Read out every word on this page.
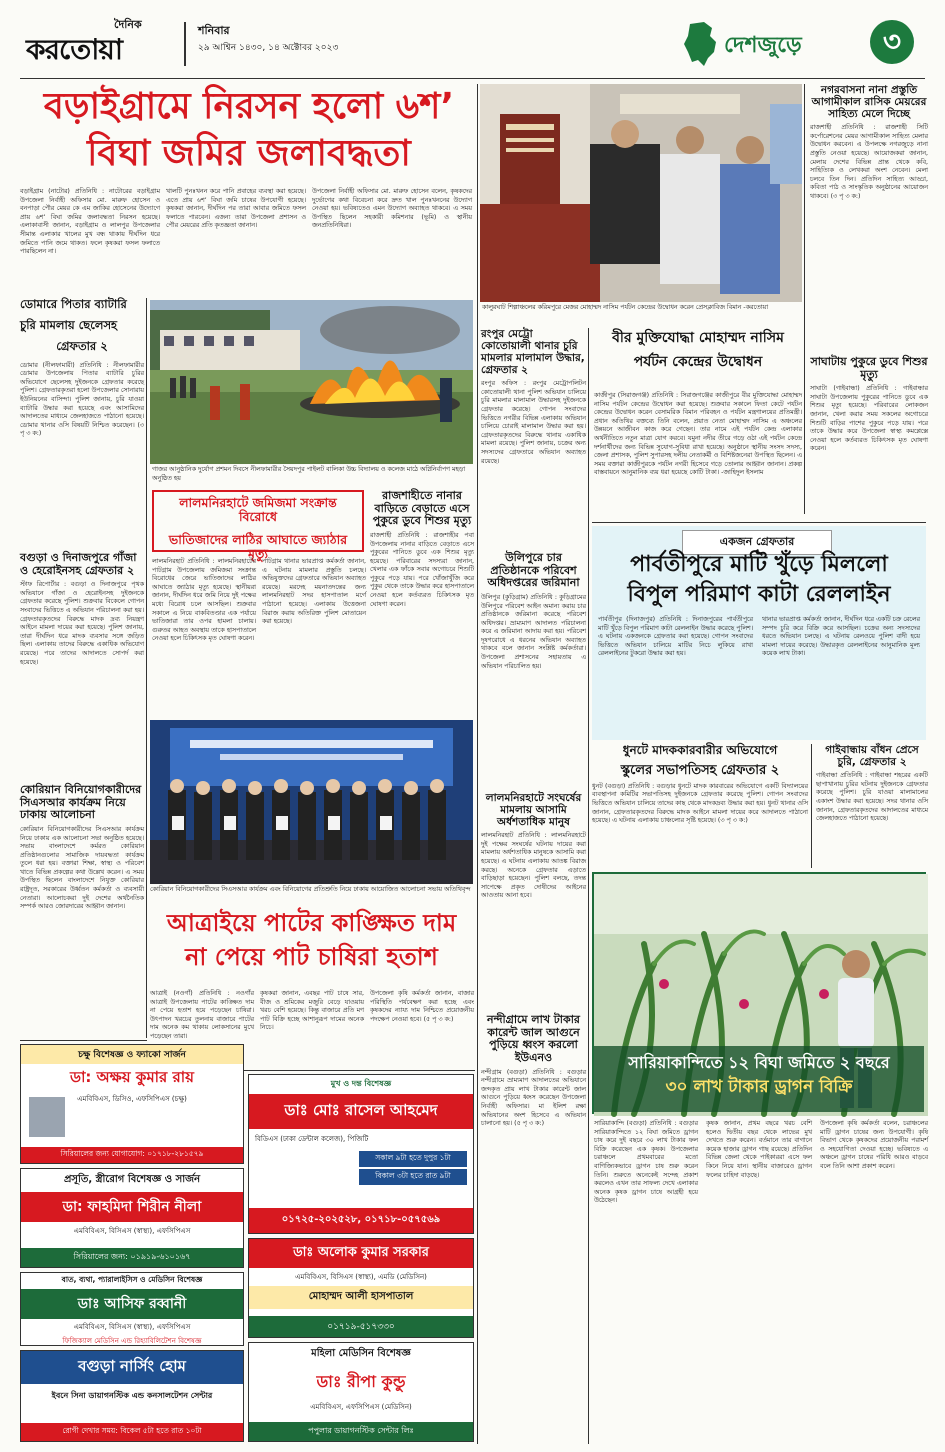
দৈনিক
করতোয়া
শনিবার
২৯ আশ্বিন ১৪৩০, ১৪ অক্টোবর ২০২৩	দেশজুড়ে	৩
বড়াইগ্রামে নিরসন হলো ৬শ’
বিঘা জমির জলাবদ্ধতা
বড়াইগ্রাম (নাটোর) প্রতিনিধি : নাটোরের বড়াইগ্রাম উপজেলা নির্বাহী অফিসার মো. মারুফ হোসেন ও বনপাড়া পৌর মেয়র কে এম জাকির হোসেনের উদ্যোগে প্রায় ৬শ’ বিঘা জমির জলাবদ্ধতা নিরসন হয়েছে। এলাকাবাসী জানান, বড়াইগ্রাম ও লালপুর উপজেলার সীমান্ত এলাকার খালের মুখ বন্ধ থাকায় দীর্ঘদিন ধরে জমিতে পানি জমে থাকত। ফলে কৃষকরা ফসল ফলাতে পারছিলেন না।
খালটি পুনঃখনন করে পানি প্রবাহের ব্যবস্থা করা হয়েছে। এতে প্রায় ৬শ’ বিঘা জমি চাষের উপযোগী হয়েছে। কৃষকরা জানান, দীর্ঘদিন পর তারা আবার জমিতে ফসল ফলাতে পারবেন। এজন্য তারা উপজেলা প্রশাসন ও পৌর মেয়রের প্রতি কৃতজ্ঞতা জানান।
উপজেলা নির্বাহী অফিসার মো. মারুফ হোসেন বলেন, কৃষকদের দুর্ভোগের কথা বিবেচনা করে দ্রুত খাল পুনঃখননের উদ্যোগ নেওয়া হয়। ভবিষ্যতেও এমন উদ্যোগ অব্যাহত থাকবে। এ সময় উপস্থিত ছিলেন সহকারী কমিশনার (ভূমি) ও স্থানীয় জনপ্রতিনিধিরা।
ডোমারে পিতার ব্যাটারি
চুরি মামলায় ছেলেসহ
গ্রেফতার ২
ডোমার (নীলফামারী) প্রতিনিধি : নীলফামারীর ডোমার উপজেলায় পিতার ব্যাটারি চুরির অভিযোগে ছেলেসহ দুইজনকে গ্রেফতার করেছে পুলিশ। গ্রেফতারকৃতরা হলো উপজেলার সোনারায় ইউনিয়নের বাসিন্দা। পুলিশ জানায়, চুরি যাওয়া ব্যাটারি উদ্ধার করা হয়েছে এবং আসামিদের আদালতের মাধ্যমে জেলহাজতে পাঠানো হয়েছে। ডোমার থানার ওসি বিষয়টি নিশ্চিত করেছেন। (৩ পৃ ৩ ক:)
বগুড়া ও দিনাজপুরে গাঁজা ও হেরোইনসহ গ্রেফতার ২
স্টাফ রিপোর্টার : বগুড়া ও দিনাজপুরে পৃথক অভিযানে গাঁজা ও হেরোইনসহ দুইজনকে গ্রেফতার করেছে পুলিশ। শুক্রবার বিকেলে গোপন সংবাদের ভিত্তিতে এ অভিযান পরিচালনা করা হয়। গ্রেফতারকৃতদের বিরুদ্ধে মাদক দ্রব্য নিয়ন্ত্রণ আইনে মামলা দায়ের করা হয়েছে। পুলিশ জানায়, তারা দীর্ঘদিন ধরে মাদক ব্যবসার সঙ্গে জড়িত ছিল। এলাকায় তাদের বিরুদ্ধে একাধিক অভিযোগ রয়েছে। পরে তাদের আদালতে সোপর্দ করা হয়েছে।
কোরিয়ান বিনিয়োগকারীদের সিএসআর কার্যক্রম নিয়ে ঢাকায় আলোচনা
কোরিয়ান বিনিয়োগকারীদের সিএসআর কার্যক্রম নিয়ে ঢাকায় এক আলোচনা সভা অনুষ্ঠিত হয়েছে। সভায় বাংলাদেশে কর্মরত কোরিয়ান প্রতিষ্ঠানগুলোর সামাজিক দায়বদ্ধতা কার্যক্রম তুলে ধরা হয়। বক্তারা শিক্ষা, স্বাস্থ্য ও পরিবেশ খাতে বিভিন্ন প্রকল্পের কথা উল্লেখ করেন। এ সময় উপস্থিত ছিলেন বাংলাদেশে নিযুক্ত কোরিয়ার রাষ্ট্রদূত, সরকারের উর্ধ্বতন কর্মকর্তা ও ব্যবসায়ী নেতারা। আলোচকরা দুই দেশের অর্থনৈতিক সম্পর্ক আরও জোরদারের আহ্বান জানান।
গাজর আনুষ্ঠানিক দুর্যোগ প্রশমন দিবসে নীলফামারীর সৈয়দপুর পাইলট বালিকা উচ্চ বিদ্যালয় ও কলেজ মাঠে অগ্নিনির্বাপণ মহড়া অনুষ্ঠিত হয়
লালমনিরহাটে জমিজমা সংক্রান্ত বিরোধে
ভাতিজাদের লাঠির আঘাতে জ্যাঠার মৃত্যু
লালমনিরহাট প্রতিনিধি : লালমনিরহাটের পাটগ্রাম উপজেলায় জমিজমা সংক্রান্ত বিরোধের জেরে ভাতিজাদের লাঠির আঘাতে জ্যাঠার মৃত্যু হয়েছে। স্থানীয়রা জানান, দীর্ঘদিন ধরে জমি নিয়ে দুই পক্ষের মধ্যে বিরোধ চলে আসছিল। শুক্রবার সকালে এ নিয়ে বাকবিতণ্ডার এক পর্যায়ে ভাতিজারা তার ওপর হামলা চালায়। গুরুতর আহত অবস্থায় তাকে হাসপাতালে নেওয়া হলে চিকিৎসক মৃত ঘোষণা করেন।
পাটগ্রাম থানার ভারপ্রাপ্ত কর্মকর্তা জানান, এ ঘটনায় মামলার প্রস্তুতি চলছে। অভিযুক্তদের গ্রেফতারে অভিযান অব্যাহত রয়েছে। মরদেহ ময়নাতদন্তের জন্য লালমনিরহাট সদর হাসপাতাল মর্গে পাঠানো হয়েছে। এলাকায় উত্তেজনা বিরাজ করায় অতিরিক্ত পুলিশ মোতায়েন করা হয়েছে।
রাজশাহীতে নানার বাড়িতে বেড়াতে এসে পুকুরে ডুবে শিশুর মৃত্যু
রাজশাহী প্রতিনিধি : রাজশাহীর পবা উপজেলায় নানার বাড়িতে বেড়াতে এসে পুকুরের পানিতে ডুবে এক শিশুর মৃত্যু হয়েছে। পরিবারের সদস্যরা জানান, খেলার এক ফাঁকে সবার অগোচরে শিশুটি পুকুরে পড়ে যায়। পরে খোঁজাখুঁজি করে পুকুর থেকে তাকে উদ্ধার করে হাসপাতালে নেওয়া হলে কর্তব্যরত চিকিৎসক মৃত ঘোষণা করেন।
কোরিয়ান বিনিয়োগকারীদের সিএসআর কার্যক্রম এবং বিনিয়োগের প্রতিশ্রুতি নিয়ে ঢাকায় আয়োজিত আলোচনা সভায় অতিথিবৃন্দ
আত্রাইয়ে পাটের কাঙ্ক্ষিত দাম
না পেয়ে পাট চাষিরা হতাশ
আত্রাই (নওগাঁ) প্রতিনিধি : নওগাঁর আত্রাই উপজেলায় পাটের কাঙ্ক্ষিত দাম না পেয়ে হতাশ হয়ে পড়েছেন চাষিরা। উৎপাদন খরচের তুলনায় বাজারে পাটের দাম অনেক কম থাকায় লোকসানের মুখে পড়েছেন তারা।
কৃষকরা জানান, এবছর পাট চাষে সার, বীজ ও শ্রমিকের মজুরি বেড়ে যাওয়ায় খরচ বেশি হয়েছে। কিন্তু বাজারে প্রতি মণ পাট বিক্রি হচ্ছে আশানুরূপ দামের অনেক নিচে।
উপজেলা কৃষি কর্মকর্তা জানান, বাজার পরিস্থিতি পর্যবেক্ষণ করা হচ্ছে এবং কৃষকদের ন্যায্য দাম নিশ্চিতে প্রয়োজনীয় পদক্ষেপ নেওয়া হবে। (৫ পৃ ৩ ক:)
চক্ষু বিশেষজ্ঞ ও ফ্যাকো সার্জন
ডা: অক্ষয় কুমার রায়
এমবিবিএস, ডিসিও, এফসিপিএস (চক্ষু)
সিরিয়ালের জন্য যোগাযোগ: ০১৭১৮-২৮১৫৭৯
প্রসূতি, স্ত্রীরোগ বিশেষজ্ঞ ও সার্জন
ডা: ফাহমিদা শিরীন নীলা
এমবিবিএস, বিসিএস (স্বাস্থ্য), এফসিপিএস
সিরিয়ালের জন্য: ০১৯১৯-৬১০১৬৭
বাত, ব্যথা, প্যারালাইসিস ও মেডিসিন বিশেষজ্ঞ
ডাঃ আসিফ রব্বানী
এমবিবিএস, বিসিএস (স্বাস্থ্য), এফসিপিএস
ফিজিক্যাল মেডিসিন এন্ড রিহ্যাবিলিটেশন বিশেষজ্ঞ
বগুড়া নার্সিং হোম
ইবনে সিনা ডায়াগনস্টিক এন্ড কনসালটেশন সেন্টার
রোগী দেখার সময়: বিকেল ৫টা হতে রাত ১০টা
মুখ ও দন্ত বিশেষজ্ঞ
ডাঃ মোঃ রাসেল আহমেদ
বিডিএস (ঢাকা ডেন্টাল কলেজ), পিজিটি
সকাল ৯টা হতে দুপুর ১টা
বিকাল ৩টা হতে রাত ৯টা
০১৭২৫-২০২৫২৮, ০১৭১৮-০৫৭৫৬৯
ডাঃ অলোক কুমার সরকার
এমবিবিএস, বিসিএস (স্বাস্থ্য), এমডি (মেডিসিন)
মোহাম্মদ আলী হাসপাতাল
০১৭১৯-৫১৭৩৩০
মহিলা মেডিসিন বিশেষজ্ঞ
ডাঃ রীপা কুন্ডু
এমবিবিএস, এফসিপিএস (মেডিসিন)
পপুলার ডায়াগনস্টিক সেন্টার লিঃ
কালুরঘাট শিল্পাঞ্চলের করিমপুরে মেজর মোহাম্মদ নাসিম পর্যটন কেন্দ্রের উদ্বোধন করেন প্রেসক্লাবিজ বিমান -করতোয়া
রংপুর মেট্রো কোতোয়ালী থানার চুরি মামলার মালামাল উদ্ধার, গ্রেফতার ২
রংপুর অফিস : রংপুর মেট্রোপলিটন কোতোয়ালী থানা পুলিশ অভিযান চালিয়ে চুরি মামলার মালামাল উদ্ধারসহ দুইজনকে গ্রেফতার করেছে। গোপন সংবাদের ভিত্তিতে নগরীর বিভিন্ন এলাকায় অভিযান চালিয়ে চোরাই মালামাল উদ্ধার করা হয়। গ্রেফতারকৃতদের বিরুদ্ধে থানায় একাধিক মামলা রয়েছে। পুলিশ জানায়, চক্রের অন্য সদস্যদের গ্রেফতারে অভিযান অব্যাহত রয়েছে।
উলিপুরে চার প্রতিষ্ঠানকে পরিবেশ অধিদপ্তরের জরিমানা
উলিপুর (কুড়িগ্রাম) প্রতিনিধি : কুড়িগ্রামের উলিপুরে পরিবেশ আইন অমান্য করায় চার প্রতিষ্ঠানকে জরিমানা করেছে পরিবেশ অধিদপ্তর। ভ্রাম্যমাণ আদালত পরিচালনা করে এ জরিমানা আদায় করা হয়। পরিবেশ দূষণরোধে এ ধরনের অভিযান অব্যাহত থাকবে বলে জানান সংশ্লিষ্ট কর্মকর্তারা। উপজেলা প্রশাসনের সহায়তায় এ অভিযান পরিচালিত হয়।
লালমনিরহাটে সংঘর্ষের মামলায় আসামি অর্ধশতাধিক মানুষ
লালমনিরহাট প্রতিনিধি : লালমনিরহাটে দুই পক্ষের সংঘর্ষের ঘটনায় দায়ের করা মামলায় অর্ধশতাধিক মানুষকে আসামি করা হয়েছে। এ ঘটনায় এলাকায় আতঙ্ক বিরাজ করছে। অনেকে গ্রেফতার এড়াতে বাড়িছাড়া হয়েছেন। পুলিশ বলছে, তদন্ত সাপেক্ষে প্রকৃত দোষীদের আইনের আওতায় আনা হবে।
নন্দীগ্রামে লাখ টাকার কারেন্ট জাল আগুনে পুড়িয়ে ধ্বংস করলো ইউএনও
নন্দীগ্রাম (বগুড়া) প্রতিনিধি : বগুড়ার নন্দীগ্রামে ভ্রাম্যমাণ আদালতের অভিযানে জব্দকৃত প্রায় লাখ টাকার কারেন্ট জাল আগুনে পুড়িয়ে ধ্বংস করেছেন উপজেলা নির্বাহী অফিসার। মা ইলিশ রক্ষা অভিযানের অংশ হিসেবে এ অভিযান চালানো হয়। (৫ পৃ ৩ ক:)
বীর মুক্তিযোদ্ধা মোহাম্মদ নাসিম
পর্যটন কেন্দ্রের উদ্বোধন
কাজীপুর (সিরাজগঞ্জ) প্রতিনিধি : সিরাজগঞ্জের কাজীপুরে বীর মুক্তিযোদ্ধা মোহাম্মদ নাসিম পর্যটন কেন্দ্রের উদ্বোধন করা হয়েছে। শুক্রবার সকালে ফিতা কেটে পর্যটন কেন্দ্রের উদ্বোধন করেন বেসামরিক বিমান পরিবহন ও পর্যটন মন্ত্রণালয়ের প্রতিমন্ত্রী। প্রধান অতিথির বক্তব্যে তিনি বলেন, প্রয়াত নেতা মোহাম্মদ নাসিম এ অঞ্চলের উন্নয়নে আজীবন কাজ করে গেছেন। তার নামে এই পর্যটন কেন্দ্র এলাকার অর্থনীতিতে নতুন মাত্রা যোগ করবে। যমুনা নদীর তীরে গড়ে ওঠা এই পর্যটন কেন্দ্রে দর্শনার্থীদের জন্য বিভিন্ন সুযোগ-সুবিধা রাখা হয়েছে। অনুষ্ঠানে স্থানীয় সংসদ সদস্য, জেলা প্রশাসক, পুলিশ সুপারসহ দলীয় নেতাকর্মী ও বিশিষ্টজনেরা উপস্থিত ছিলেন। এ সময় বক্তারা কাজীপুরকে পর্যটন নগরী হিসেবে গড়ে তোলার আহ্বান জানান। প্রকল্প বাস্তবায়নে আনুমানিক ব্যয় ধরা হয়েছে কোটি টাকা। -জাহিদুল ইসলাম
নগরবাসনা নানা প্রস্তুতি আগামীকাল রাসিক মেয়রের সাহিত্য মেলে দিচ্ছে
রাজশাহী প্রতিনিধি : রাজশাহী সিটি কর্পোরেশনের মেয়র আগামীকাল সাহিত্য মেলার উদ্বোধন করবেন। এ উপলক্ষে নগরজুড়ে নানা প্রস্তুতি নেওয়া হয়েছে। আয়োজকরা জানান, মেলায় দেশের বিভিন্ন প্রান্ত থেকে কবি, সাহিত্যিক ও লেখকরা অংশ নেবেন। মেলা চলবে তিন দিন। প্রতিদিন সাহিত্য আড্ডা, কবিতা পাঠ ও সাংস্কৃতিক অনুষ্ঠানের আয়োজন থাকবে। (৩ পৃ ৩ ক:)
সাঘাটায় পুকুরে ডুবে শিশুর মৃত্যু
সাঘাটা (গাইবান্ধা) প্রতিনিধি : গাইবান্ধার সাঘাটা উপজেলায় পুকুরের পানিতে ডুবে এক শিশুর মৃত্যু হয়েছে। পরিবারের লোকজন জানান, খেলা করার সময় সকলের অগোচরে শিশুটি বাড়ির পাশের পুকুরে পড়ে যায়। পরে তাকে উদ্ধার করে উপজেলা স্বাস্থ্য কমপ্লেক্সে নেওয়া হলে কর্তব্যরত চিকিৎসক মৃত ঘোষণা করেন।
একজন গ্রেফতার
পার্বতীপুরে মাটি খুঁড়ে মিললো
বিপুল পরিমাণ কাটা রেললাইন
পার্বতীপুর (দিনাজপুর) প্রতিনিধি : দিনাজপুরের পার্বতীপুরে মাটি খুঁড়ে বিপুল পরিমাণ কাটা রেললাইন উদ্ধার করেছে পুলিশ। এ ঘটনায় একজনকে গ্রেফতার করা হয়েছে। গোপন সংবাদের ভিত্তিতে অভিযান চালিয়ে মাটির নিচে লুকিয়ে রাখা রেললাইনের টুকরো উদ্ধার করা হয়।
থানার ভারপ্রাপ্ত কর্মকর্তা জানান, দীর্ঘদিন ধরে একটি চক্র রেলের সম্পদ চুরি করে বিক্রি করে আসছিল। চক্রের অন্য সদস্যদের ধরতে অভিযান চলছে। এ ঘটনায় রেলওয়ে পুলিশ বাদী হয়ে মামলা দায়ের করেছে। উদ্ধারকৃত রেললাইনের আনুমানিক মূল্য কয়েক লাখ টাকা।
ধুনটে মাদককারবারীর অভিযোগে
স্কুলের সভাপতিসহ গ্রেফতার ২
ধুনট (বগুড়া) প্রতিনিধি : বগুড়ার ধুনটে মাদক কারবারের অভিযোগে একটি বিদ্যালয়ের ব্যবস্থাপনা কমিটির সভাপতিসহ দুইজনকে গ্রেফতার করেছে পুলিশ। গোপন সংবাদের ভিত্তিতে অভিযান চালিয়ে তাদের কাছ থেকে মাদকদ্রব্য উদ্ধার করা হয়। ধুনট থানার ওসি জানান, গ্রেফতারকৃতদের বিরুদ্ধে মাদক আইনে মামলা দায়ের করে আদালতে পাঠানো হয়েছে। এ ঘটনায় এলাকায় চাঞ্চল্যের সৃষ্টি হয়েছে। (৩ পৃ ৩ ক:)
গাইবান্ধায় বাঁধন প্রেসে চুরি, গ্রেফতার ২
গাইবান্ধা প্রতিনিধি : গাইবান্ধা শহরের একটি ছাপাখানায় চুরির ঘটনায় দুইজনকে গ্রেফতার করেছে পুলিশ। চুরি যাওয়া মালামালের একাংশ উদ্ধার করা হয়েছে। সদর থানার ওসি জানান, গ্রেফতারকৃতদের আদালতের মাধ্যমে জেলহাজতে পাঠানো হয়েছে।
সারিয়াকান্দিতে ১২ বিঘা জমিতে ২ বছরে
৩০ লাখ টাকার ড্রাগন বিক্রি
সারিয়াকান্দি (বগুড়া) প্রতিনিধি : বগুড়ার সারিয়াকান্দিতে ১২ বিঘা জমিতে ড্রাগন চাষ করে দুই বছরে ৩০ লাখ টাকার ফল বিক্রি করেছেন এক কৃষক। উপজেলার চরাঞ্চলে প্রথমবারের মতো বাণিজ্যিকভাবে ড্রাগন চাষ শুরু করেন তিনি। শুরুতে অনেকেই সন্দেহ প্রকাশ করলেও এখন তার সাফল্য দেখে এলাকার অনেক কৃষক ড্রাগন চাষে আগ্রহী হয়ে উঠেছেন।
কৃষক জানান, প্রথম বছরে খরচ বেশি হলেও দ্বিতীয় বছর থেকে লাভের মুখ দেখতে শুরু করেন। বর্তমানে তার বাগানে কয়েক হাজার ড্রাগন গাছ রয়েছে। প্রতিদিন বিভিন্ন জেলা থেকে পাইকাররা এসে ফল কিনে নিয়ে যান। স্থানীয় বাজারেও ড্রাগন ফলের চাহিদা বাড়ছে।
উপজেলা কৃষি কর্মকর্তা বলেন, চরাঞ্চলের মাটি ড্রাগন চাষের জন্য উপযোগী। কৃষি বিভাগ থেকে কৃষকদের প্রয়োজনীয় পরামর্শ ও সহযোগিতা দেওয়া হচ্ছে। ভবিষ্যতে এ অঞ্চলে ড্রাগন চাষের পরিধি আরও বাড়বে বলে তিনি আশা প্রকাশ করেন।
